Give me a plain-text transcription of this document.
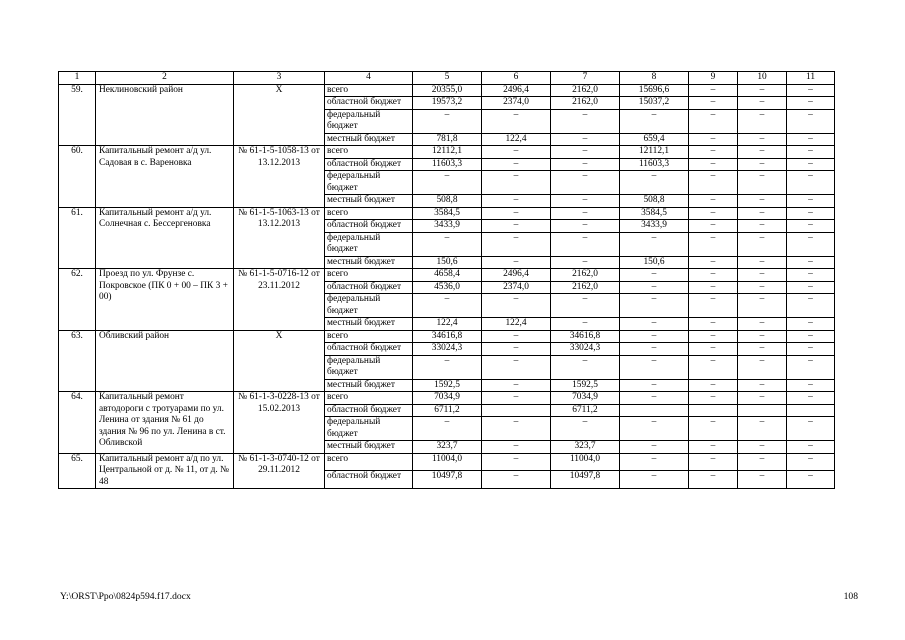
1	2	3	4	5	6	7	8	9	10	11
59.	Неклиновский район	X	всего	20355,0	2496,4	2162,0	15696,6	–	–	–
			областной бюджет	19573,2	2374,0	2162,0	15037,2	–	–	–
			федеральный бюджет	–	–	–	–	–	–	–
			местный бюджет	781,8	122,4	–	659,4	–	–	–
60.	Капитальный ремонт а/д ул. Садовая в с. Вареновка	№ 61-1-5-1058-13 от 13.12.2013	всего	12112,1	–	–	12112,1	–	–	–
			областной бюджет	11603,3	–	–	11603,3	–	–	–
			федеральный бюджет	–	–	–	–	–	–	–
			местный бюджет	508,8	–	–	508,8	–	–	–
61.	Капитальный ремонт а/д ул. Солнечная с. Бессергеновка	№ 61-1-5-1063-13 от 13.12.2013	всего	3584,5	–	–	3584,5	–	–	–
			областной бюджет	3433,9	–	–	3433,9	–	–	–
			федеральный бюджет	–	–	–	–	–	–	–
			местный бюджет	150,6	–	–	150,6	–	–	–
62.	Проезд по ул. Фрунзе с. Покровское (ПК 0 + 00 – ПК 3 + 00)	№ 61-1-5-0716-12 от 23.11.2012	всего	4658,4	2496,4	2162,0	–	–	–	–
			областной бюджет	4536,0	2374,0	2162,0	–	–	–	–
			федеральный бюджет	–	–	–	–	–	–	–
			местный бюджет	122,4	122,4	–	–	–	–	–
63.	Обливский район	X	всего	34616,8	–	34616,8	–	–	–	–
			областной бюджет	33024,3	–	33024,3	–	–	–	–
			федеральный бюджет	–	–	–	–	–	–	–
			местный бюджет	1592,5	–	1592,5	–	–	–	–
64.	Капитальный ремонт автодороги с тротуарами по ул. Ленина от здания № 61 до здания № 96 по ул. Ленина в ст. Обливской	№ 61-1-3-0228-13 от 15.02.2013	всего	7034,9	–	7034,9	–	–	–	–
			областной бюджет	6711,2		6711,2				
			федеральный бюджет	–	–	–	–	–	–	–
			местный бюджет	323,7	–	323,7	–	–	–	–
65.	Капитальный ремонт а/д по ул. Центральной от д. № 11, от д. № 48	№ 61-1-3-0740-12 от 29.11.2012	всего	11004,0	–	11004,0	–	–	–	–
			областной бюджет	10497,8	–	10497,8	–	–	–	–
Y:\ORST\Ppo\0824p594.f17.docx	108
